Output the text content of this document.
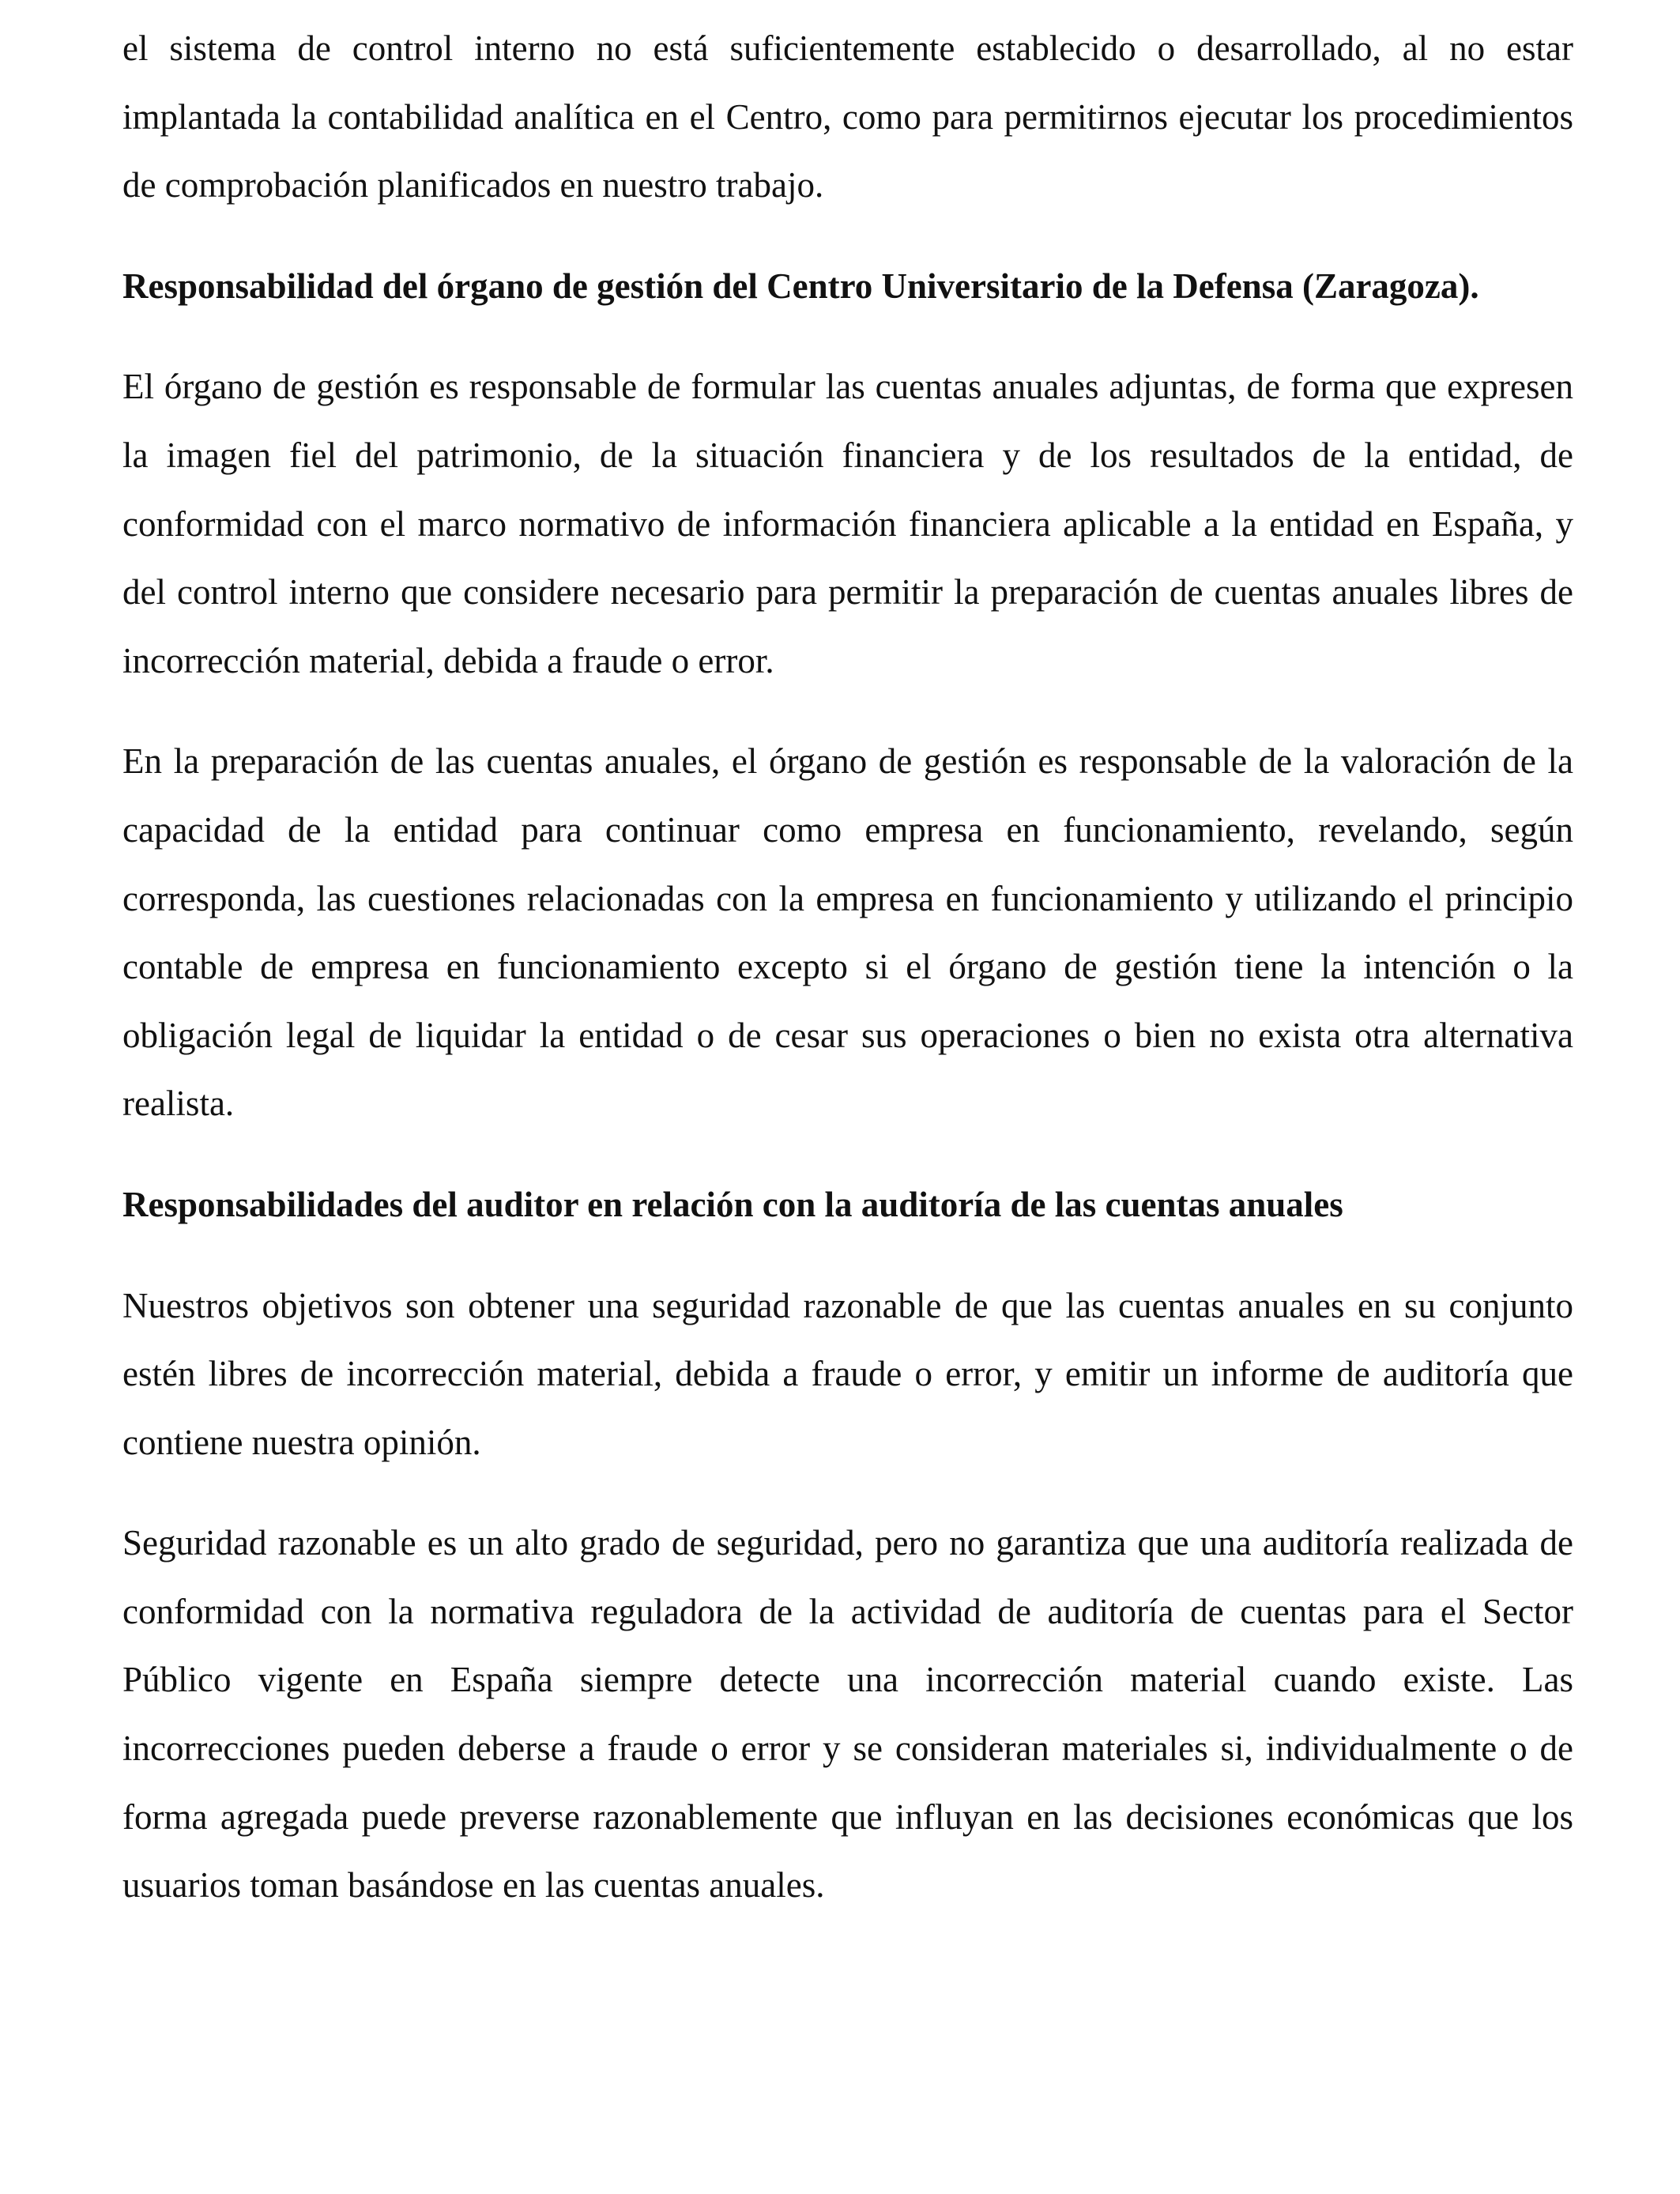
el sistema de control interno no está suficientemente establecido o desarrollado, al no estar implantada la contabilidad analítica en el Centro, como para permitirnos ejecutar los procedimientos de comprobación planificados en nuestro trabajo.

Responsabilidad del órgano de gestión del Centro Universitario de la Defensa (Zaragoza).

El órgano de gestión es responsable de formular las cuentas anuales adjuntas, de forma que expresen la imagen fiel del patrimonio, de la situación financiera y de los resultados de la entidad, de conformidad con el marco normativo de información financiera aplicable a la entidad en España, y del control interno que considere necesario para permitir la preparación de cuentas anuales libres de incorrección material, debida a fraude o error.

En la preparación de las cuentas anuales, el órgano de gestión es responsable de la valoración de la capacidad de la entidad para continuar como empresa en funcionamiento, revelando, según corresponda, las cuestiones relacionadas con la empresa en funcionamiento y utilizando el principio contable de empresa en funcionamiento excepto si el órgano de gestión tiene la intención o la obligación legal de liquidar la entidad o de cesar sus operaciones o bien no exista otra alternativa realista.

Responsabilidades del auditor en relación con la auditoría de las cuentas anuales

Nuestros objetivos son obtener una seguridad razonable de que las cuentas anuales en su conjunto estén libres de incorrección material, debida a fraude o error, y emitir un informe de auditoría que contiene nuestra opinión.

Seguridad razonable es un alto grado de seguridad, pero no garantiza que una auditoría realizada de conformidad con la normativa reguladora de la actividad de auditoría de cuentas para el Sector Público vigente en España siempre detecte una incorrección material cuando existe. Las incorrecciones pueden deberse a fraude o error y se consideran materiales si, individualmente o de forma agregada puede preverse razonablemente que influyan en las decisiones económicas que los usuarios toman basándose en las cuentas anuales.
